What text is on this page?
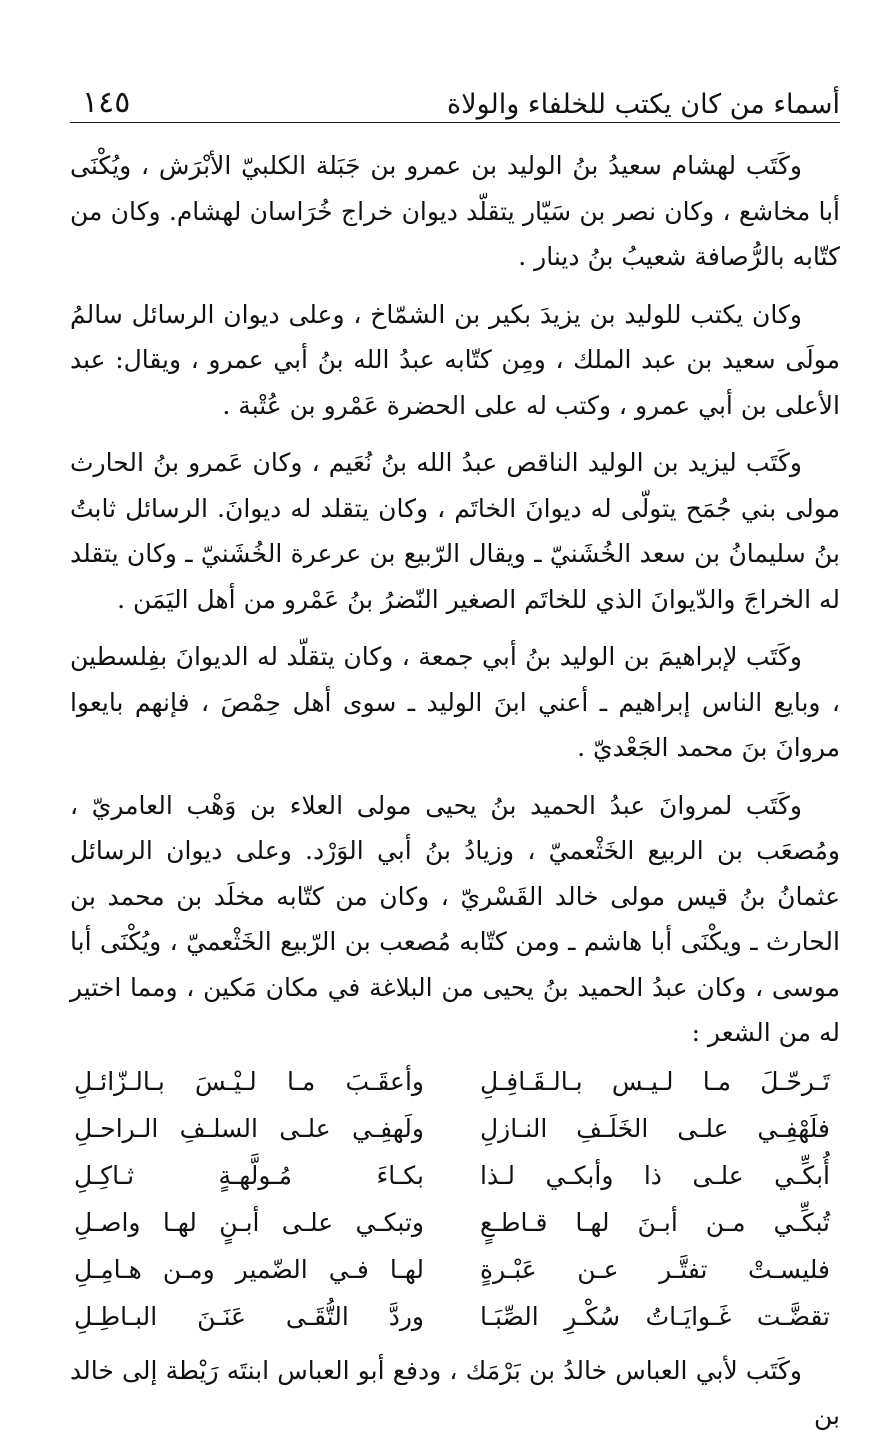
أسماء من كان يكتب للخلفاء والولاة
١٤٥

وكَتَب لهشام سعيدُ بنُ الوليد بن عمرو بن جَبَلة الكلبيّ الأبْرَش ، ويُكْنَى أبا مخاشع ، وكان نصر بن سَيّار يتقلّد ديوان خراج خُرَاسان لهشام. وكان من كتّابه بالرُّصافة شعيبُ بنُ دينار .

وكان يكتب للوليد بن يزيدَ بكير بن الشمّاخ ، وعلى ديوان الرسائل سالمُ مولَى سعيد بن عبد الملك ، ومِن كتّابه عبدُ الله بنُ أبي عمرو ، ويقال: عبد الأعلى بن أبي عمرو ، وكتب له على الحضرة عَمْرو بن عُتْبة .

وكَتَب ليزيد بن الوليد الناقص عبدُ الله بنُ نُعَيم ، وكان عَمرو بنُ الحارث مولى بني جُمَح يتولّى له ديوانَ الخاتَم ، وكان يتقلد له ديوانَ. الرسائل ثابتُ بنُ سليمانُ بن سعد الخُشَنيّ ـ ويقال الرّبيع بن عرعرة الخُشَنيّ ـ وكان يتقلد له الخراجَ والدّيوانَ الذي للخاتَم الصغير النّضرُ بنُ عَمْرو من أهل اليَمَن .

وكَتَب لإبراهيمَ بن الوليد بنُ أبي جمعة ، وكان يتقلّد له الديوانَ بفِلسطين ، وبايع الناس إبراهيم ـ أعني ابنَ الوليد ـ سوى أهل حِمْصَ ، فإنهم بايعوا مروانَ بنَ محمد الجَعْديّ .

وكَتَب لمروانَ عبدُ الحميد بنُ يحيى مولى العلاء بن وَهْب العامريّ ، ومُصعَب بن الربيع الخَثْعميّ ، وزيادُ بنُ أبي الوَرْد. وعلى ديوان الرسائل عثمانُ بنُ قيس مولى خالد القَسْريّ ، وكان من كتّابه مخلَد بن محمد بن الحارث ـ ويكْنَى أبا هاشم ـ ومن كتّابه مُصعب بن الرّبيع الخَثْعميّ ، ويُكْنَى أبا موسى ، وكان عبدُ الحميد بنُ يحيى من البلاغة في مكان مَكين ، ومما اختير له من الشعر :

تَـرحّـلَ مـا لـيـس بـالـقَـافِـلِ
وأعقَـبَ مـا لـيْـسَ بـالـزّائـلِ
فلَهْفِـي علـى الخَلَـفِ النـازلِ
ولَهفِـي علـى السلـفِ الـراحـلِ
أُبكِّـي علـى ذا وأبكـي لـذا
بكـاءَ مُـولَّهـةٍ ثـاكِـلِ
تُبكِّـي مـن أبـنَ لهـا قـاطـعٍ
وتبكـي علـى أبـنٍ لهـا واصـلِ
فليسـتْ تفتَّـر عـن عَبْـرةٍ
لهـا فـي الضّمير ومـن هـامِـلِ
تقضَّـت غَـوايَـاتُ سُكْـرِ الصِّبَـا
وردَّ التُّقَـى عَنَـنَ البـاطِـلِ

وكَتَب لأبي العباس خالدُ بن بَرْمَك ، ودفع أبو العباس ابنتَه رَيْطة إلى خالد بن
